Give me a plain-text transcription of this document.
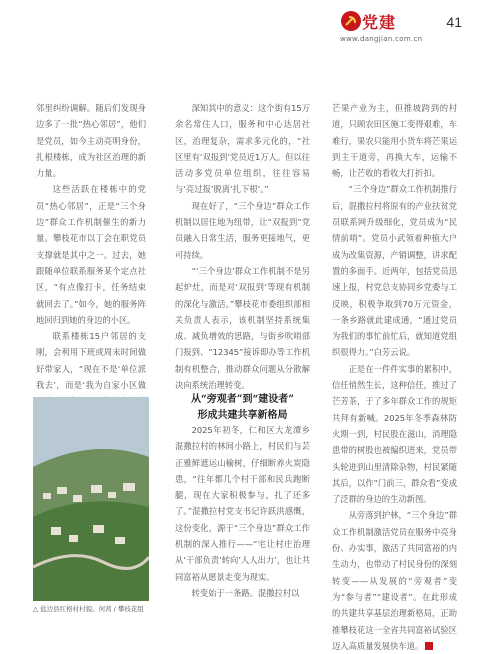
党建
www.dangjian.com.cn
41

邻里纠纷调解。随后们发现身边多了一批“热心邻居”，他们是党员，如今主动亮明身份，扎根楼栋，成为社区治理的新力量。

这些活跃在楼栋中的党员“热心邻居”，正是“三个身边”群众工作机制催生的新力量。攀枝花市以丁会在职党员支撑就是其中之一。过去，她跟随单位联系服务某个定点社区，“有点像打卡，任务结束就回去了。”如今，她的服务阵地回归到她的身边的小区。

联系楼栋15户邻居的支刚，会利用下班或周末时间做好带家人，“现在不是‘单位派我去’，而是‘我为自家小区做

△ 盐边县红格村村貌。何茜 / 攀枝花组

深知其中的意义：这个街有15万余名常住人口，服务和中心达居社区，治理复杂，需求多元化的，“社区里有‘双报到’党员近1万人。但以往活动多党员单位组织，往往容易与‘亮过报’脱离‘扎下根’。”

现在好了，“三个身边”群众工作机制以居住地为纽带，让“双报到”党员融入日常生活，服务更接地气，更可持续。

“‘三个身边’群众工作机制不是另起炉灶，而是对‘双报到’等现有机制的深化与激活。”攀枝花市委组织部相关负责人表示，该机制坚持系统集成、减负增效的思路，与街乡吹哨部门报到、“12345”接诉即办等工作机制有机整合，推动群众问题从分散解决向系统治理转变。

从“旁观者”到“建设者”
形成共建共享新格局

2025年初冬，仁和区大龙潭乡混撒拉村的林间小路上，村民们与芸正雅鲜遮运山榆树，仔细断养火炭隐患，“往年都几个村干部和民兵跑断腿，现在大家积极参与，扎了还多了。”混撒拉村党支书记许跃洪感慨，这份变化，源于“三个身边”群众工作机制的深入推行——“宅让村庄治理从‘干部负责’转向‘人人出力’，也让共同富裕从愿景走变为现实。

转变始于一条路。混撒拉村以

芒果产业为主，但推坡跨到的村道，只顾农田区施工变得艰难，车难行，果农只能用小货车将芒果运到主干道旁，再换大车，运输不畅，让芒收的看收大打折扣。

“三个身边”群众工作机制推行后，混撒拉村将原有的产业扶贫党员联系网升级细化，党员成为“民情前哨”。党员小武领着种植大户成为改集资源，产销调整，讲求配置的多面手。近两年，包括党员迅速上报，村党总支协同乡党委与工反映，积极争取到70万元资金，一条乡路就此建成通，“通过党员为我们的事忙前忙后，就知道党组织很得力。”白芳云说。

正是在一件件实事的累积中，信任悄然生长，这种信任，推过了芒芳茶，于了多年群众工作的规矩共拜有新喊。2025年冬季森林防火期一到，村民股在滋山，消理隐患带的树股也被编织进来，党员带头轮进到山里清除杂物，村民紧随其后，以作“门前三，群众看”变成了泛群的身边的生动新图。

从旁落到护林，“三个身边”群众工作机制激活党员在服务中亮身份、办实事，激活了共同富裕的内生动力，也带动了村民身份的深刻转变——从发展的“旁观者”变为“参与者”“建设者”。在此形成的共建共享基层治理新格局，正助推攀枝花这一全省共同富裕试验区迈入高质量发展快车道。
